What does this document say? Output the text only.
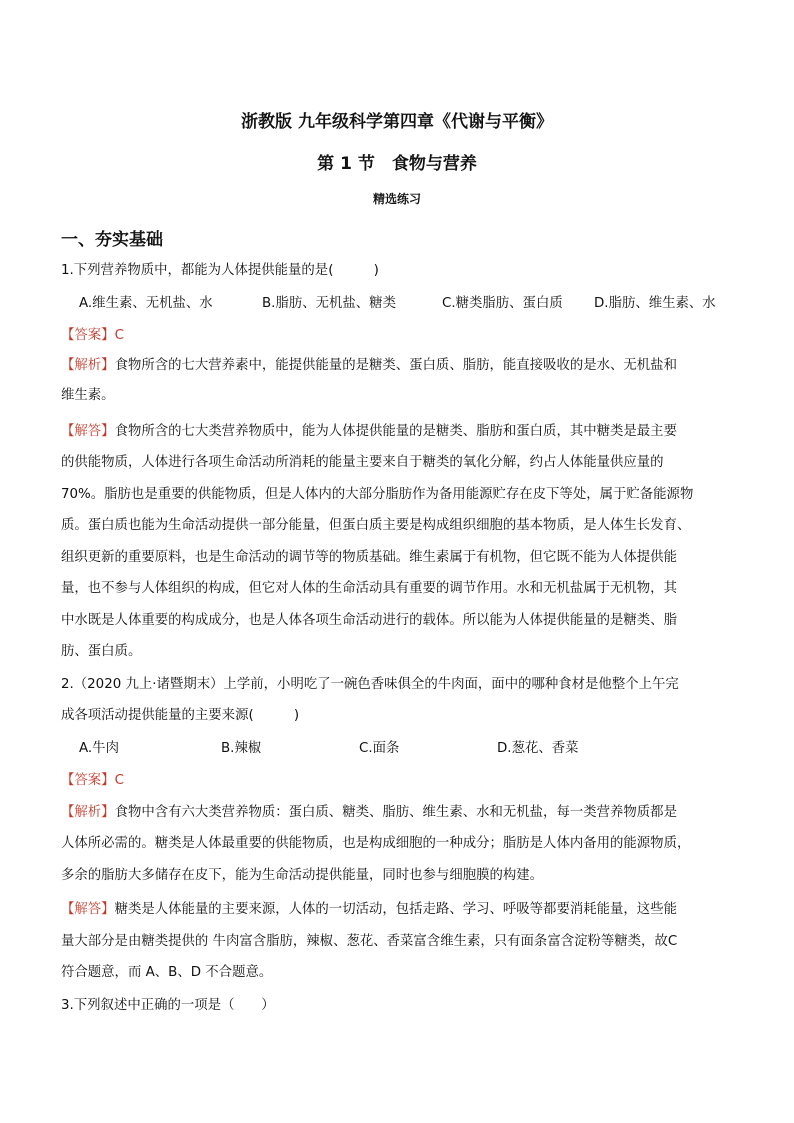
浙教版 九年级科学第四章《代谢与平衡》
第 1 节　食物与营养
精选练习
一、夯实基础
1.下列营养物质中，都能为人体提供能量的是(　　　)
A.维生素、无机盐、水	B.脂肪、无机盐、糖类	C.糖类脂肪、蛋白质 D.脂肪、维生素、水
【答案】C
【解析】食物所含的七大营养素中，能提供能量的是糖类、蛋白质、脂肪，能直接吸收的是水、无机盐和
维生素。
【解答】食物所含的七大类营养物质中，能为人体提供能量的是糖类、脂肪和蛋白质，其中糖类是最主要
的供能物质，人体进行各项生命活动所消耗的能量主要来自于糖类的氧化分解，约占人体能量供应量的
70%。脂肪也是重要的供能物质，但是人体内的大部分脂肪作为备用能源贮存在皮下等处，属于贮备能源物
质。蛋白质也能为生命活动提供一部分能量，但蛋白质主要是构成组织细胞的基本物质，是人体生长发育、
组织更新的重要原料，也是生命活动的调节等的物质基础。维生素属于有机物，但它既不能为人体提供能
量，也不参与人体组织的构成，但它对人体的生命活动具有重要的调节作用。水和无机盐属于无机物，其
中水既是人体重要的构成成分，也是人体各项生命活动进行的载体。所以能为人体提供能量的是糖类、脂
肪、蛋白质。
2.（2020 九上·诸暨期末）上学前，小明吃了一碗色香味俱全的牛肉面，面中的哪种食材是他整个上午完
成各项活动提供能量的主要来源(　　　)
A.牛肉	B.辣椒	C.面条	D.葱花、香菜
【答案】C
【解析】食物中含有六大类营养物质：蛋白质、糖类、脂肪、维生素、水和无机盐，每一类营养物质都是
人体所必需的。糖类是人体最重要的供能物质，也是构成细胞的一种成分；脂肪是人体内备用的能源物质，
多余的脂肪大多储存在皮下，能为生命活动提供能量，同时也参与细胞膜的构建。
【解答】糖类是人体能量的主要来源，人体的一切活动，包括走路、学习、呼吸等都要消耗能量，这些能
量大部分是由糖类提供的 牛肉富含脂肪，辣椒、葱花、香菜富含维生素，只有面条富含淀粉等糖类，故C
符合题意，而 A、B、D 不合题意。
3.下列叙述中正确的一项是（　　）
